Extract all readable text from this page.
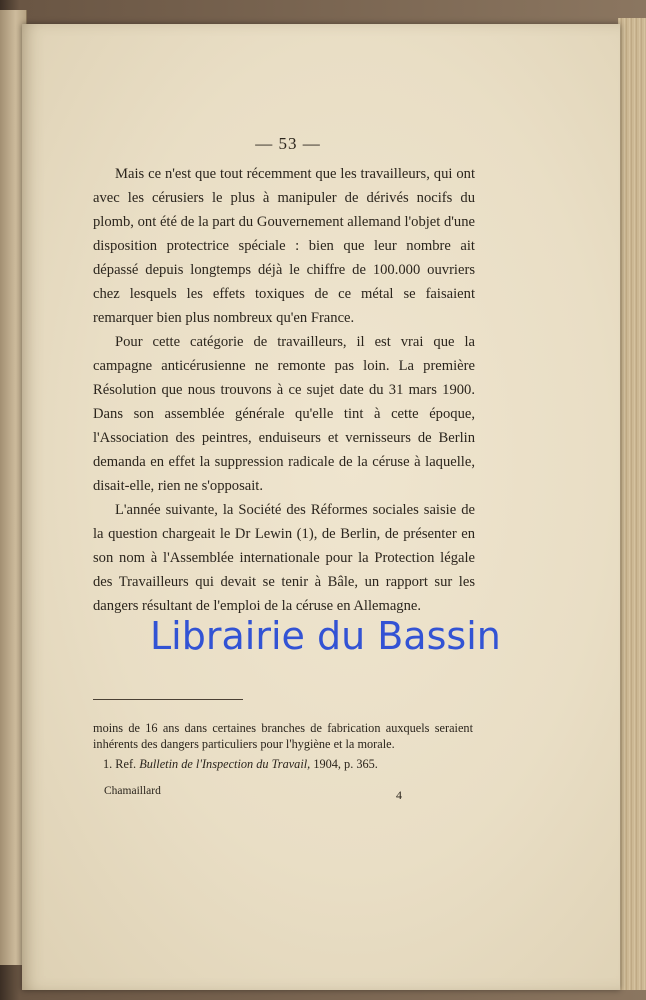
— 53 —

Mais ce n'est que tout récemment que les travailleurs, qui ont avec les cérusiers le plus à manipuler de dérivés nocifs du plomb, ont été de la part du Gouvernement allemand l'objet d'une disposition protectrice spéciale : bien que leur nombre ait dépassé depuis longtemps déjà le chiffre de 100.000 ouvriers chez lesquels les effets toxiques de ce métal se faisaient remarquer bien plus nombreux qu'en France.

Pour cette catégorie de travailleurs, il est vrai que la campagne anticérusienne ne remonte pas loin. La première Résolution que nous trouvons à ce sujet date du 31 mars 1900. Dans son assemblée générale qu'elle tint à cette époque, l'Association des peintres, enduiseurs et vernisseurs de Berlin demanda en effet la suppression radicale de la céruse à laquelle, disait-elle, rien ne s'opposait.

L'année suivante, la Société des Réformes sociales saisie de la question chargeait le Dr Lewin (1), de Berlin, de présenter en son nom à l'Assemblée internationale pour la Protection légale des Travailleurs qui devait se tenir à Bâle, un rapport sur les dangers résultant de l'emploi de la céruse en Allemagne.

moins de 16 ans dans certaines branches de fabrication auxquels seraient inhérents des dangers particuliers pour l'hygiène et la morale.

1. Ref. Bulletin de l'Inspection du Travail, 1904, p. 365.

Chamaillard	4
Librairie du Bassin
